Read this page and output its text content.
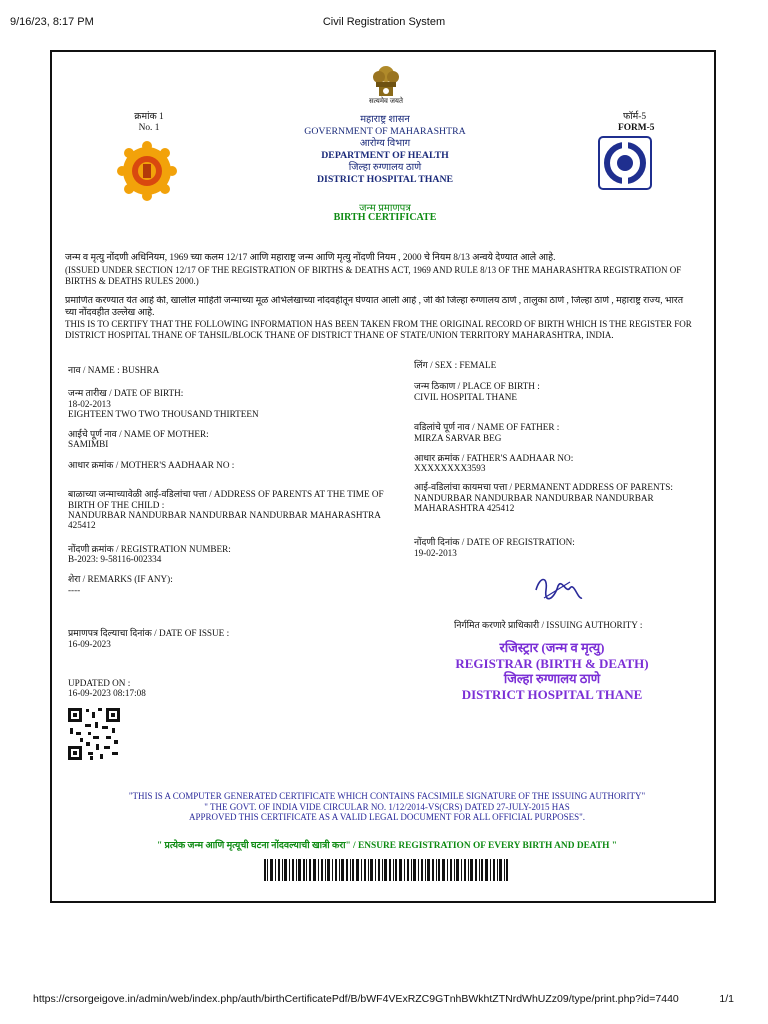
9/16/23, 8:17 PM	Civil Registration System
सत्यमेव जयते
क्रमांक 1
No. 1
फॉर्म-5
FORM-5
महाराष्ट्र शासन
GOVERNMENT OF MAHARASHTRA
आरोग्य विभाग
DEPARTMENT OF HEALTH
जिल्हा रुग्णालय ठाणे
DISTRICT HOSPITAL THANE
जन्म प्रमाणपत्र
BIRTH CERTIFICATE
जन्म व मृत्यु नोंदणी अधिनियम, 1969 च्या कलम 12/17 आणि महाराष्ट्र जन्म आणि मृत्यु नोंदणी नियम , 2000 चे नियम 8/13 अन्वये देण्यात आले आहे.
(ISSUED UNDER SECTION 12/17 OF THE REGISTRATION OF BIRTHS & DEATHS ACT, 1969 AND RULE 8/13 OF THE MAHARASHTRA REGISTRATION OF
BIRTHS & DEATHS RULES 2000.)
प्रमाणित करण्यात येत आहे की, खालील माहिती जन्माच्या मूळ अभिलेखाच्या नोंदवहीतून घेण्यात आली आहे , जी की जिल्हा रुग्णालय ठाणे , तालुका ठाणे , जिल्हा ठाणे , महाराष्ट्र राज्य, भारत
च्या नोंदवहीत उल्लेख आहे.
THIS IS TO CERTIFY THAT THE FOLLOWING INFORMATION HAS BEEN TAKEN FROM THE ORIGINAL RECORD OF BIRTH WHICH IS THE REGISTER FOR
DISTRICT HOSPITAL THANE OF TAHSIL/BLOCK THANE OF DISTRICT THANE OF STATE/UNION TERRITORY MAHARASHTRA, INDIA.
नाव / NAME : BUSHRA
जन्म तारीख / DATE OF BIRTH:
18-02-2013
EIGHTEEN TWO TWO THOUSAND THIRTEEN
आईचे पूर्ण नाव / NAME OF MOTHER:
SAMIMBI
आधार क्रमांक / MOTHER'S AADHAAR NO :
बाळाच्या जन्माच्यावेळी आई-वडिलांचा पत्ता / ADDRESS OF PARENTS AT THE TIME OF
BIRTH OF THE CHILD :
NANDURBAR NANDURBAR NANDURBAR NANDURBAR MAHARASHTRA
425412
नोंदणी क्रमांक / REGISTRATION NUMBER:
B-2023: 9-58116-002334
शेरा / REMARKS (IF ANY):
----
प्रमाणपत्र दिल्याचा दिनांक / DATE OF ISSUE :
16-09-2023
UPDATED ON :
16-09-2023 08:17:08
लिंग / SEX : FEMALE
जन्म ठिकाण / PLACE OF BIRTH :
CIVIL HOSPITAL THANE
वडिलांचे पूर्ण नाव / NAME OF FATHER :
MIRZA SARVAR BEG
आधार क्रमांक / FATHER'S AADHAAR NO:
XXXXXXXX3593
आई-वडिलांचा कायमचा पत्ता / PERMANENT ADDRESS OF PARENTS:
NANDURBAR NANDURBAR NANDURBAR NANDURBAR
MAHARASHTRA 425412
नोंदणी दिनांक / DATE OF REGISTRATION:
19-02-2013
निर्गमित करणारे प्राधिकारी / ISSUING AUTHORITY :
रजिस्ट्रार (जन्म व मृत्यु)
REGISTRAR (BIRTH & DEATH)
जिल्हा रुग्णालय ठाणे
DISTRICT HOSPITAL THANE
"THIS IS A COMPUTER GENERATED CERTIFICATE WHICH CONTAINS FACSIMILE SIGNATURE OF THE ISSUING AUTHORITY"
" THE GOVT. OF INDIA VIDE CIRCULAR NO. 1/12/2014-VS(CRS) DATED 27-JULY-2015 HAS
APPROVED THIS CERTIFICATE AS A VALID LEGAL DOCUMENT FOR ALL OFFICIAL PURPOSES".
" प्रत्येक जन्म आणि मृत्यूची घटना नोंदवल्याची खात्री करा" / ENSURE REGISTRATION OF EVERY BIRTH AND DEATH "
https://crsorgeigove.in/admin/web/index.php/auth/birthCertificatePdf/B/bWF4VExRZC9GTnhBWkhtZTNrdWhUZz09/type/print.php?id=7440	1/1
